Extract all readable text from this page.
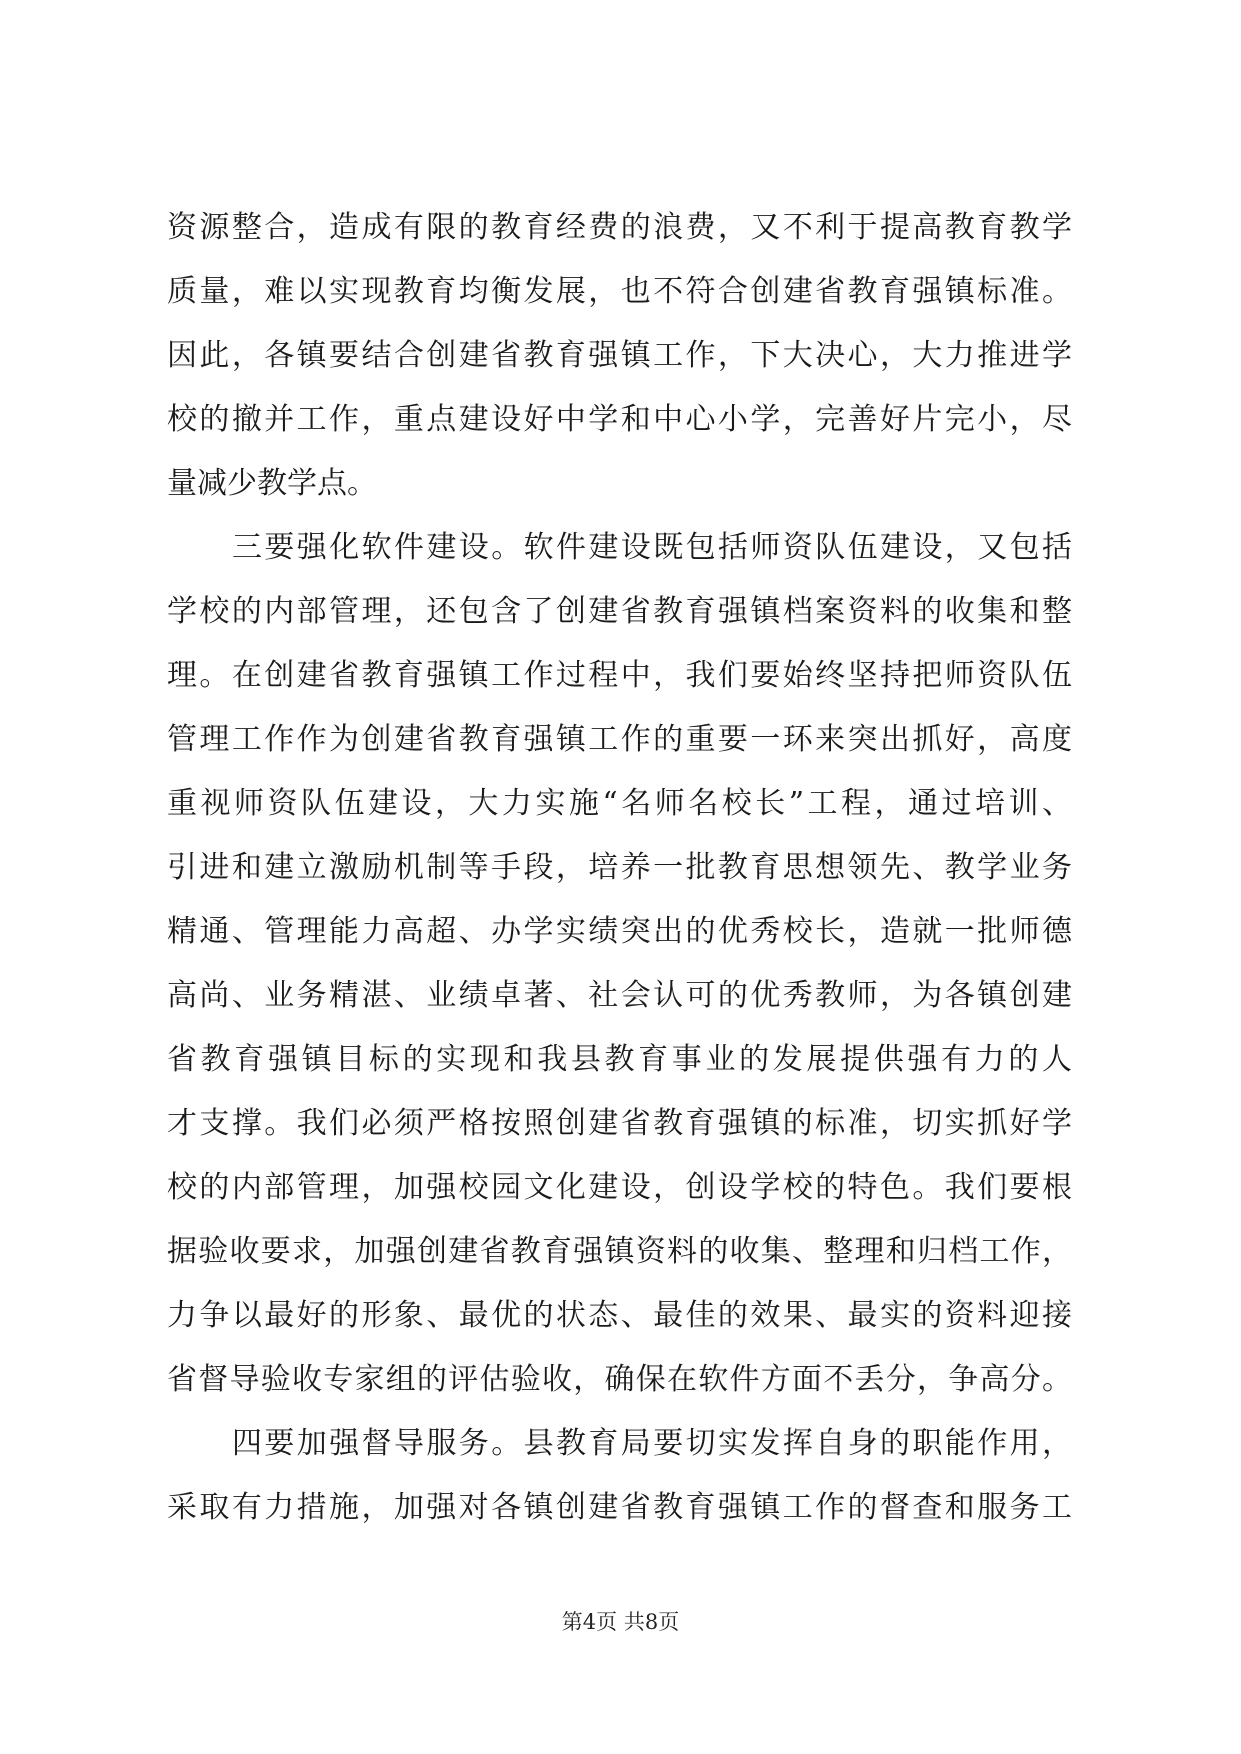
资源整合，造成有限的教育经费的浪费，又不利于提高教育教学
质量，难以实现教育均衡发展，也不符合创建省教育强镇标准。
因此，各镇要结合创建省教育强镇工作，下大决心，大力推进学
校的撤并工作，重点建设好中学和中心小学，完善好片完小，尽
量减少教学点。
三要强化软件建设。软件建设既包括师资队伍建设，又包括
学校的内部管理，还包含了创建省教育强镇档案资料的收集和整
理。在创建省教育强镇工作过程中，我们要始终坚持把师资队伍
管理工作作为创建省教育强镇工作的重要一环来突出抓好，高度
重视师资队伍建设，大力实施“名师名校长”工程，通过培训、
引进和建立激励机制等手段，培养一批教育思想领先、教学业务
精通、管理能力高超、办学实绩突出的优秀校长，造就一批师德
高尚、业务精湛、业绩卓著、社会认可的优秀教师，为各镇创建
省教育强镇目标的实现和我县教育事业的发展提供强有力的人
才支撑。我们必须严格按照创建省教育强镇的标准，切实抓好学
校的内部管理，加强校园文化建设，创设学校的特色。我们要根
据验收要求，加强创建省教育强镇资料的收集、整理和归档工作，
力争以最好的形象、最优的状态、最佳的效果、最实的资料迎接
省督导验收专家组的评估验收，确保在软件方面不丢分，争高分。
四要加强督导服务。县教育局要切实发挥自身的职能作用，
采取有力措施，加强对各镇创建省教育强镇工作的督查和服务工
第4页 共8页
